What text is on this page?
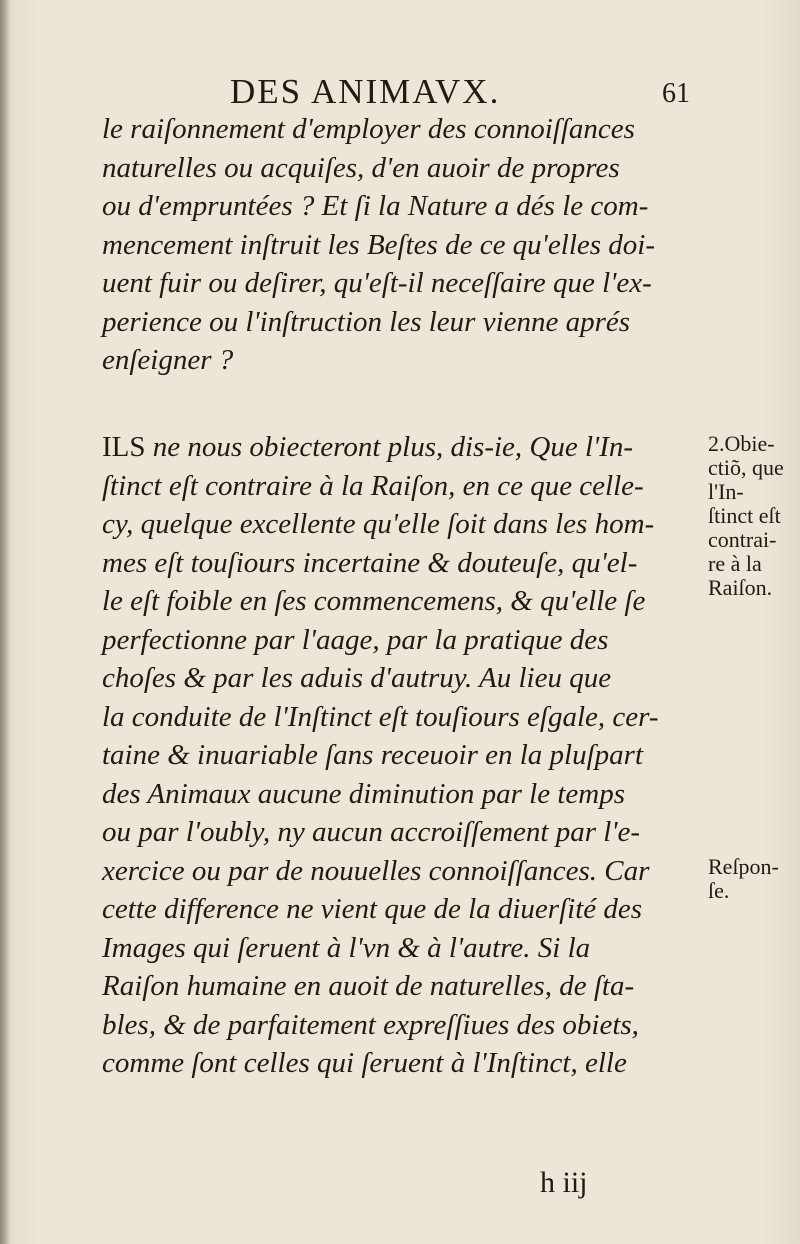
DES ANIMAVX.	61
le raiſonnement d'employer des connoiſſances
naturelles ou acquiſes, d'en auoir de propres
ou d'empruntées ? Et ſi la Nature a dés le com-
mencement inſtruit les Beſtes de ce qu'elles doi-
uent fuir ou deſirer, qu'eſt-il neceſſaire que l'ex-
perience ou l'inſtruction les leur vienne aprés
enſeigner ?
ILS ne nous obiecteront plus, dis-ie, Que l'In-
ſtinct eſt contraire à la Raiſon, en ce que celle-
cy, quelque excellente qu'elle ſoit dans les hom-
mes eſt touſiours incertaine & douteuſe, qu'el-
le eſt foible en ſes commencemens, & qu'elle ſe
perfectionne par l'aage, par la pratique des
choſes & par les aduis d'autruy. Au lieu que
la conduite de l'Inſtinct eſt touſiours eſgale, cer-
taine & inuariable ſans receuoir en la pluſpart
des Animaux aucune diminution par le temps
ou par l'oubly, ny aucun accroiſſement par l'e-
xercice ou par de nouuelles connoiſſances. Car
cette difference ne vient que de la diuerſité des
Images qui ſeruent à l'vn & à l'autre. Si la
Raiſon humaine en auoit de naturelles, de ſta-
bles, & de parfaitement expreſſiues des obiets,
comme ſont celles qui ſeruent à l'Inſtinct, elle
2.Obie-
ctiõ, que
l'In-
ſtinct eſt
contrai-
re à la
Raiſon.
Reſpon-
ſe.
h iij
